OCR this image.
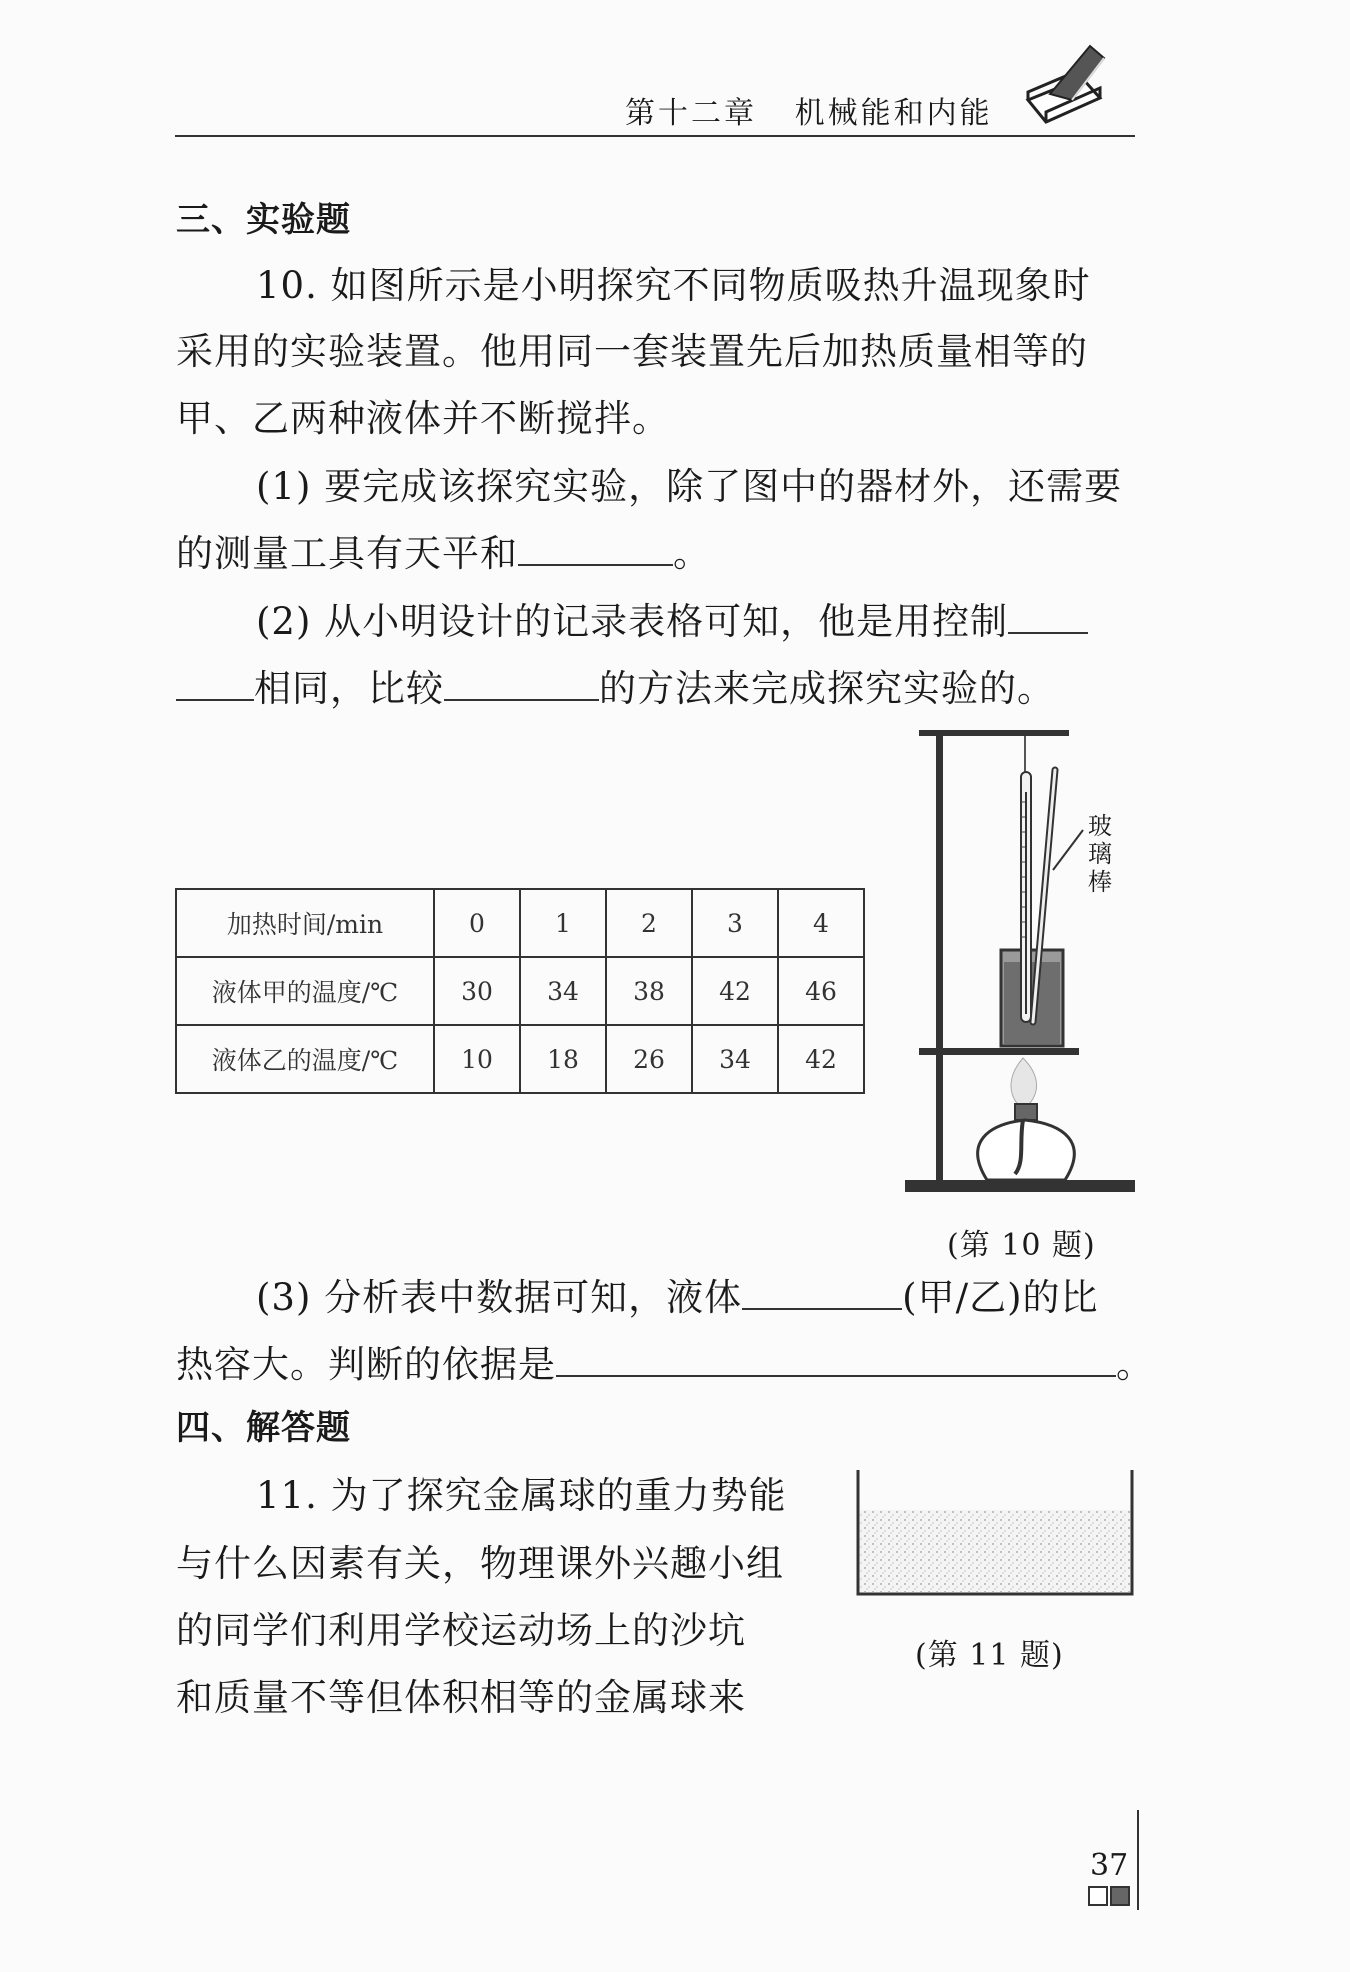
第十二章 机械能和内能
三、实验题
10. 如图所示是小明探究不同物质吸热升温现象时
采用的实验装置。他用同一套装置先后加热质量相等的
甲、乙两种液体并不断搅拌。
(1) 要完成该探究实验，除了图中的器材外，还需要
的测量工具有天平和	。
(2) 从小明设计的记录表格可知，他是用控制
相同，比较	的方法来完成探究实验的。
加热时间/min	0	1	2	3	4
液体甲的温度/℃	30	34	38	42	46
液体乙的温度/℃	10	18	26	34	42
玻璃棒
(第 10 题)
(3) 分析表中数据可知，液体	(甲/乙)的比
热容大。判断的依据是	。
四、解答题
11. 为了探究金属球的重力势能
与什么因素有关，物理课外兴趣小组
的同学们利用学校运动场上的沙坑
和质量不等但体积相等的金属球来
(第 11 题)
37
